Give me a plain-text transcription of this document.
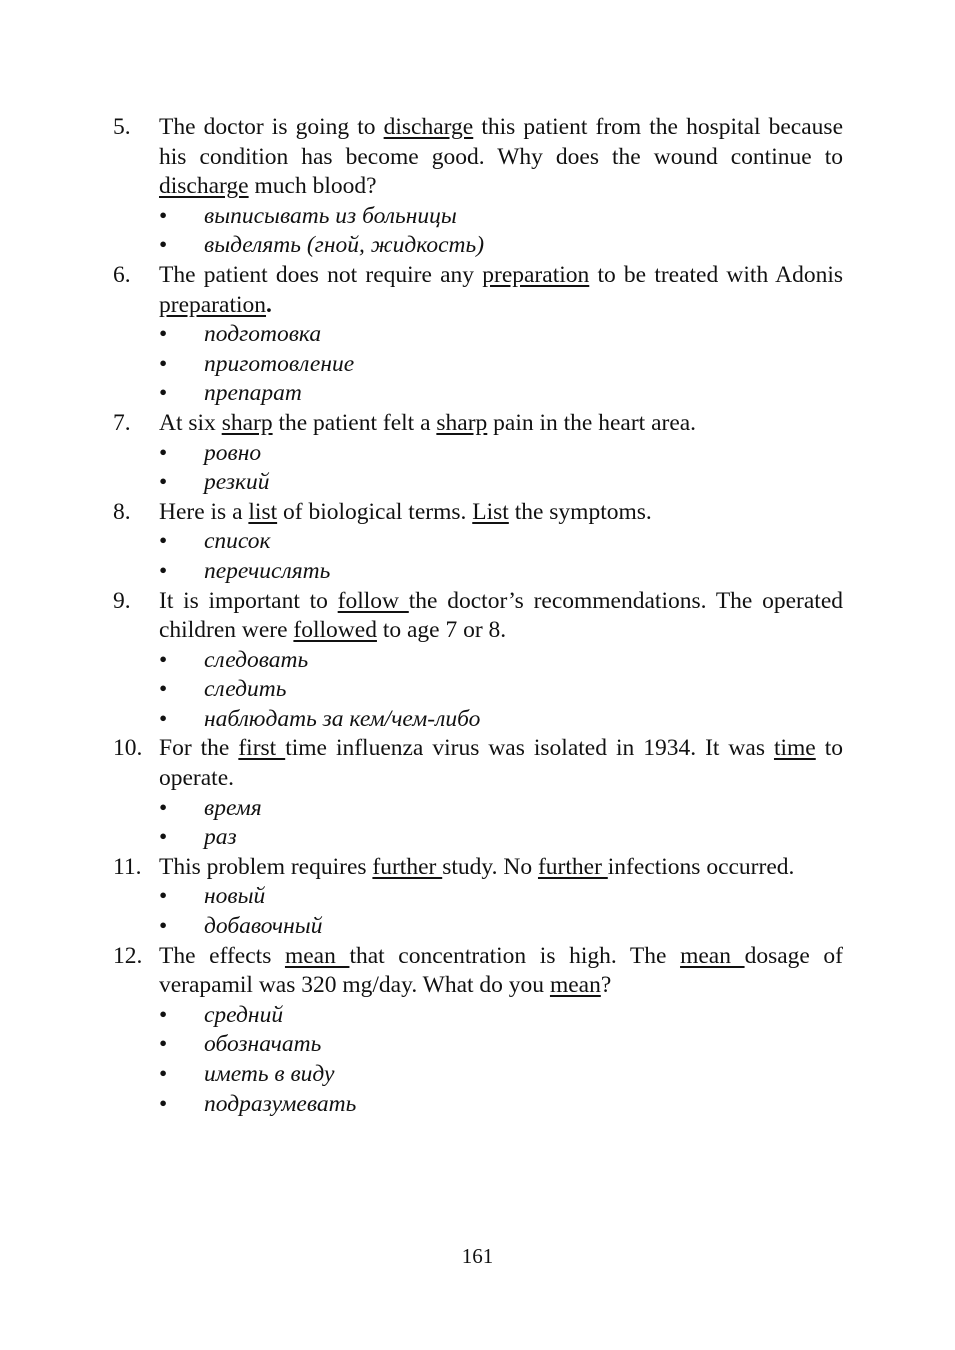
5. The doctor is going to discharge this patient from the hospital because his condition has become good. Why does the wound continue to discharge much blood?
• выписывать из больницы
• выделять (гной, жидкость)
6. The patient does not require any preparation to be treated with Adonis preparation.
• подготовка
• приготовление
• препарат
7. At six sharp the patient felt a sharp pain in the heart area.
• ровно
• резкий
8. Here is a list of biological terms. List the symptoms.
• список
• перечислять
9. It is important to follow the doctor’s recommendations. The operated children were followed to age 7 or 8.
• следовать
• следить
• наблюдать за кем/чем-либо
10. For the first time influenza virus was isolated in 1934. It was time to operate.
• время
• раз
11. This problem requires further study. No further infections occurred.
• новый
• добавочный
12. The effects mean that concentration is high. The mean dosage of verapamil was 320 mg/day. What do you mean?
• средний
• обозначать
• иметь в виду
• подразумевать
161
